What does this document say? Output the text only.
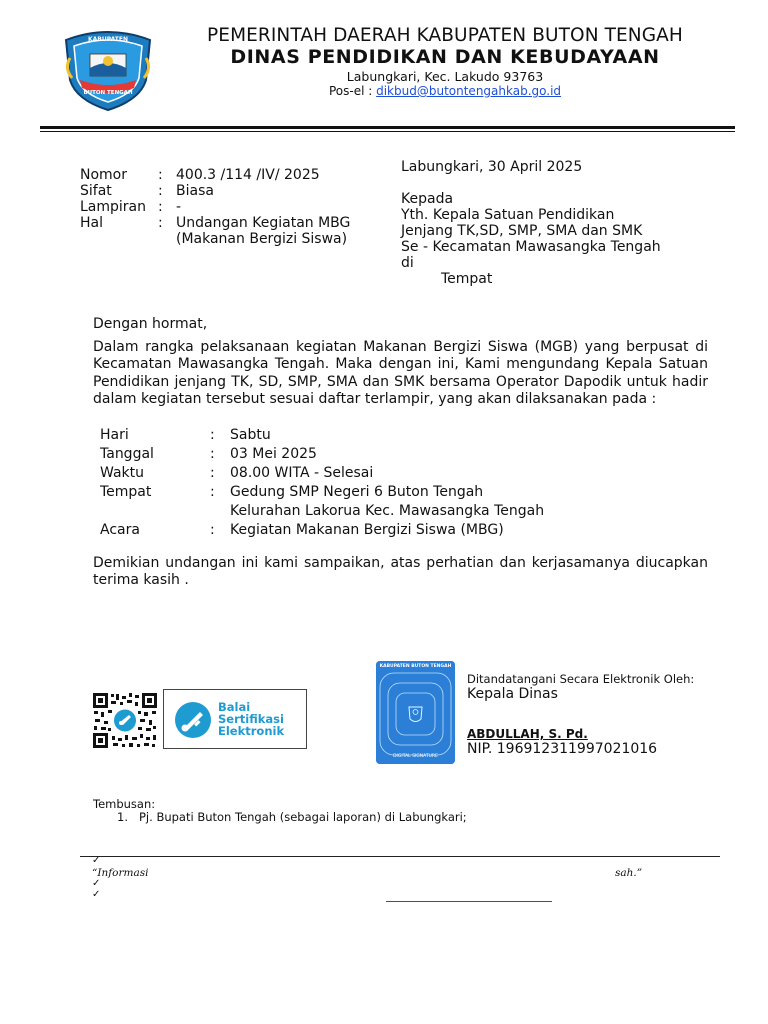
KABUPATEN
BUTON TENGAH
PEMERINTAH DAERAH KABUPATEN BUTON TENGAH
DINAS PENDIDIKAN DAN KEBUDAYAAN
Labungkari, Kec. Lakudo 93763
Pos-el : dikbud@butontengahkab.go.id
Nomor	: 400.3 /114 /IV/ 2025
Sifat	: Biasa
Lampiran : -
Hal	: Undangan Kegiatan MBG
(Makanan Bergizi Siswa)
Labungkari, 30 April 2025
Kepada
Yth. Kepala Satuan Pendidikan
Jenjang TK,SD, SMP, SMA dan SMK
Se - Kecamatan Mawasangka Tengah
di
Tempat
Dengan hormat,
Dalam rangka pelaksanaan kegiatan Makanan Bergizi Siswa (MGB) yang berpusat di Kecamatan Mawasangka Tengah. Maka dengan ini, Kami mengundang Kepala Satuan Pendidikan jenjang TK, SD, SMP, SMA dan SMK bersama Operator Dapodik untuk hadir dalam kegiatan tersebut sesuai daftar terlampir, yang akan dilaksanakan pada :
Hari	:	Sabtu
Tanggal	:	03 Mei 2025
Waktu	:	08.00 WITA - Selesai
Tempat	:	Gedung SMP Negeri 6 Buton Tengah
Kelurahan Lakorua Kec. Mawasangka Tengah
Acara	:	Kegiatan Makanan Bergizi Siswa (MBG)
Demikian undangan ini kami sampaikan, atas perhatian dan kerjasamanya diucapkan terima kasih .
Balai
Sertifikasi
Elektronik
KABUPATEN BUTON TENGAH
DIGITAL SIGNATURE
Ditandatangani Secara Elektronik Oleh:
Kepala Dinas
ABDULLAH, S. Pd.
NIP. 196912311997021016
Tembusan:
1. Pj. Bupati Buton Tengah (sebagai laporan) di Labungkari;
✓
“Informasi	sah.”
✓
✓
